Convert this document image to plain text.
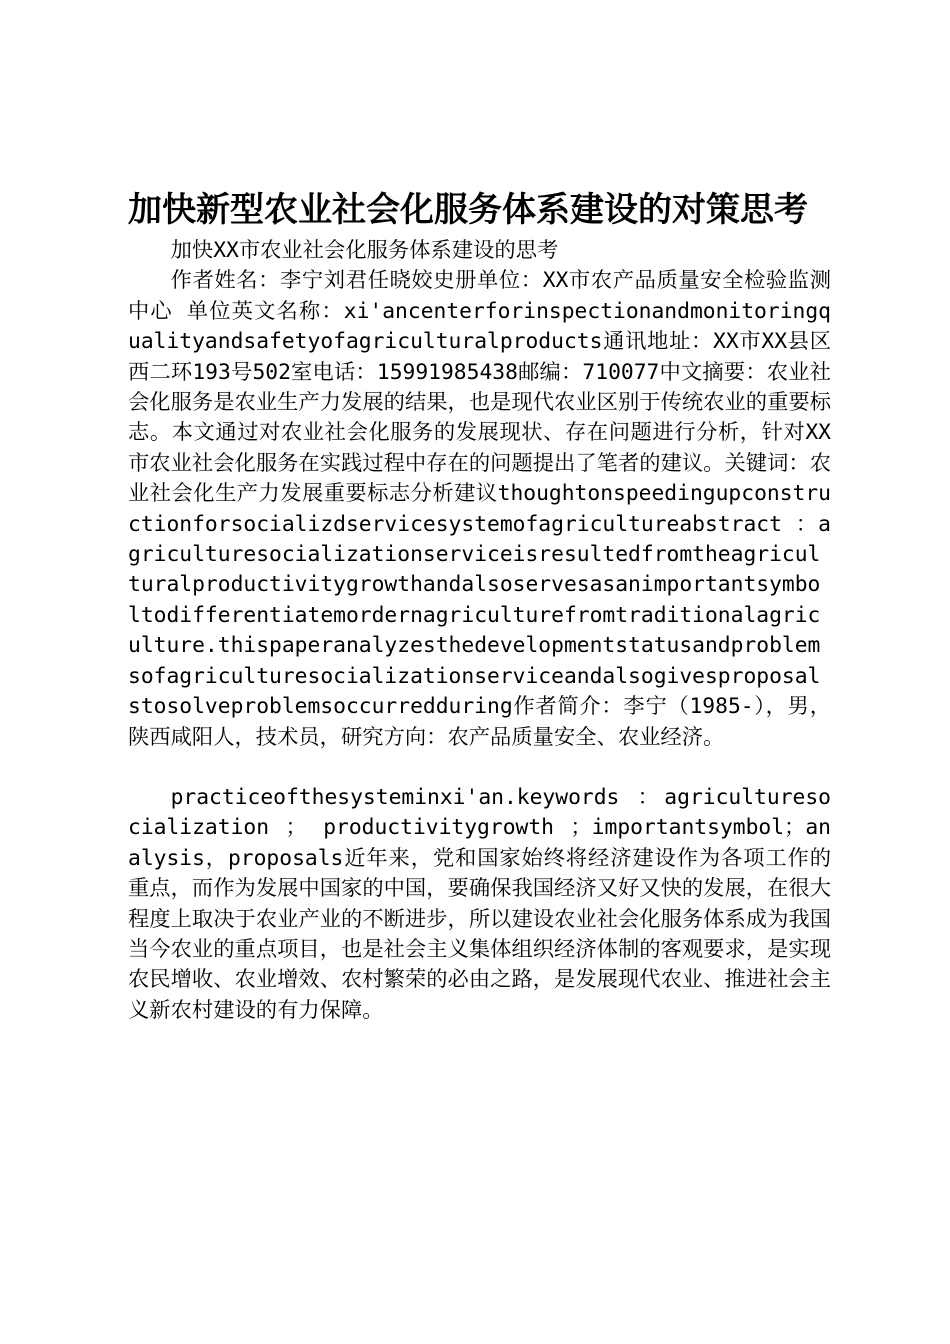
加快新型农业社会化服务体系建设的对策思考

加快XX市农业社会化服务体系建设的思考

作者姓名：李宁刘君任晓姣史册单位：XX市农产品质量安全检验监测中心 单位英文名称：xi'ancenterforinspectionandmonitoringqualityandsafetyofagriculturalproducts通讯地址：XX市XX县区西二环193号502室电话：15991985438邮编：710077中文摘要：农业社会化服务是农业生产力发展的结果，也是现代农业区别于传统农业的重要标志。本文通过对农业社会化服务的发展现状、存在问题进行分析，针对XX市农业社会化服务在实践过程中存在的问题提出了笔者的建议。关键词：农业社会化生产力发展重要标志分析建议thoughtonspeedingupconstructionforsocializdservicesystemofagricultureabstract ：agriculturesocializationserviceisresultedfromtheagriculturalproductivitygrowthandalsoservesasanimportantsymboltodifferentiatemordernagriculturefromtraditionalagriculture.thispaperanalyzesthedevelopmentstatusandproblemsofagriculturesocializationserviceandalsogivesproposalstosolveproblemsoccurredduring作者简介：李宁（1985-），男，陕西咸阳人，技术员，研究方向：农产品质量安全、农业经济。

practiceofthesysteminxi'an.keywords ：agriculturesocialization ； productivitygrowth ；importantsymbol；analysis，proposals近年来，党和国家始终将经济建设作为各项工作的重点，而作为发展中国家的中国，要确保我国经济又好又快的发展，在很大程度上取决于农业产业的不断进步，所以建设农业社会化服务体系成为我国当今农业的重点项目，也是社会主义集体组织经济体制的客观要求，是实现农民增收、农业增效、农村繁荣的必由之路，是发展现代农业、推进社会主义新农村建设的有力保障。
